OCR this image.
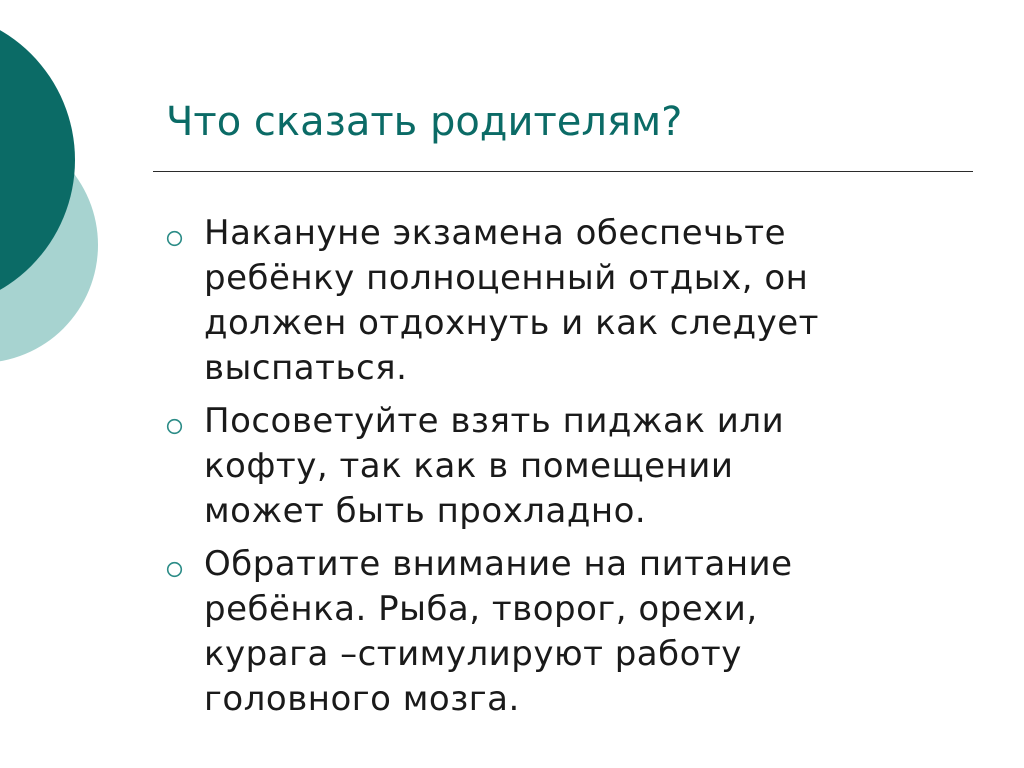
Что сказать родителям?
Накануне экзамена обеспечьте
ребёнку полноценный отдых, он
должен отдохнуть и как следует
выспаться.
Посоветуйте взять пиджак или
кофту, так как в помещении
может быть прохладно.
Обратите внимание на питание
ребёнка. Рыба, творог, орехи,
курага –стимулируют работу
головного мозга.
